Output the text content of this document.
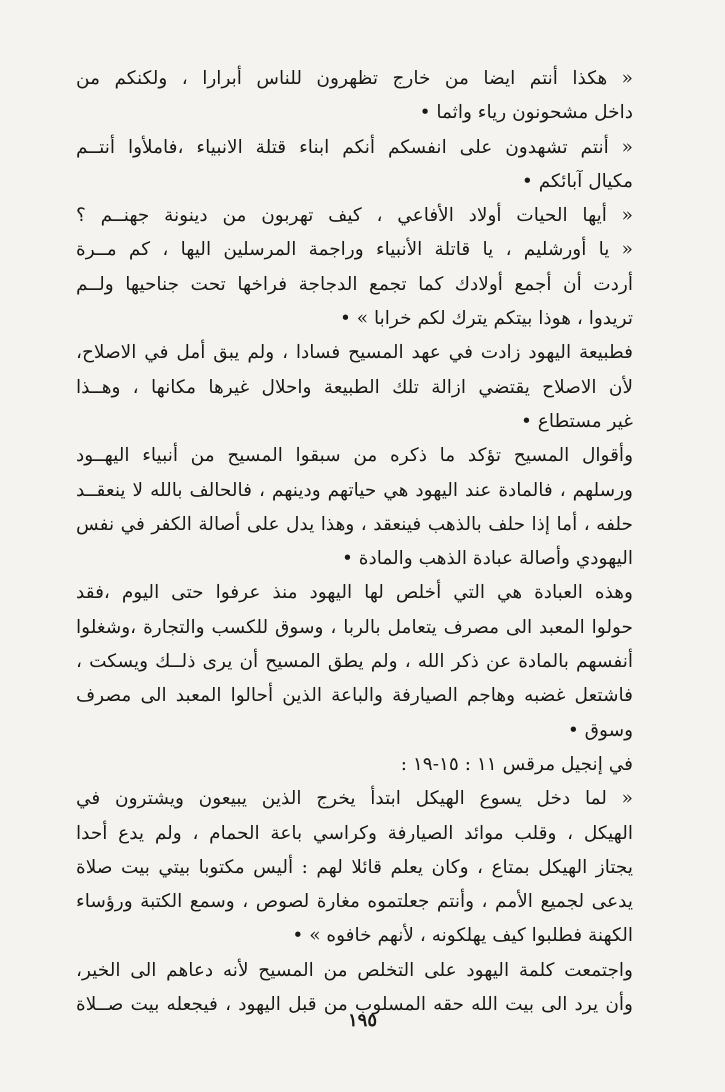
« هكذا أنتم ايضا من خارج تظهرون للناس أبرارا ، ولكنكم من
داخل مشحونون رياء واثما •
« أنتم تشهدون على انفسكم أنكم ابناء قتلة الانبياء ،فاملأوا أنتــم
مكيال آبائكم •
« أيها الحيات أولاد الأفاعي ، كيف تهربون من دينونة جهنــم ؟
« يا أورشليم ، يا قاتلة الأنبياء وراجمة المرسلين اليها ، كم مــرة
أردت أن أجمع أولادك كما تجمع الدجاجة فراخها تحت جناحيها ولــم
تريدوا ، هوذا بيتكم يترك لكم خرابا » •
فطبيعة اليهود زادت في عهد المسيح فسادا ، ولم يبق أمل في الاصلاح،
لأن الاصلاح يقتضي ازالة تلك الطبيعة واحلال غيرها مكانها ، وهــذا
غير مستطاع •
وأقوال المسيح تؤكد ما ذكره من سبقوا المسيح من أنبياء اليهــود
ورسلهم ، فالمادة عند اليهود هي حياتهم ودينهم ، فالحالف بالله لا ينعقــد
حلفه ، أما إذا حلف بالذهب فينعقد ، وهذا يدل على أصالة الكفر في نفس
اليهودي وأصالة عبادة الذهب والمادة •
وهذه العبادة هي التي أخلص لها اليهود منذ عرفوا حتى اليوم ،فقد
حولوا المعبد الى مصرف يتعامل بالربا ، وسوق للكسب والتجارة ،وشغلوا
أنفسهم بالمادة عن ذكر الله ، ولم يطق المسيح أن يرى ذلــك ويسكت ،
فاشتعل غضبه وهاجم الصيارفة والباعة الذين أحالوا المعبد الى مصرف
وسوق •
في إنجيل مرقس ١١ : ١٥-١٩ :
« لما دخل يسوع الهيكل ابتدأ يخرج الذين يبيعون ويشترون في
الهيكل ، وقلب موائد الصيارفة وكراسي باعة الحمام ، ولم يدع أحدا
يجتاز الهيكل بمتاع ، وكان يعلم قائلا لهم : أليس مكتوبا بيتي بيت صلاة
يدعى لجميع الأمم ، وأنتم جعلتموه مغارة لصوص ، وسمع الكتبة ورؤساء
الكهنة فطلبوا كيف يهلكونه ، لأنهم خافوه » •
واجتمعت كلمة اليهود على التخلص من المسيح لأنه دعاهم الى الخير،
وأن يرد الى بيت الله حقه المسلوب من قبل اليهود ، فيجعله بيت صــلاة
١٩٥
